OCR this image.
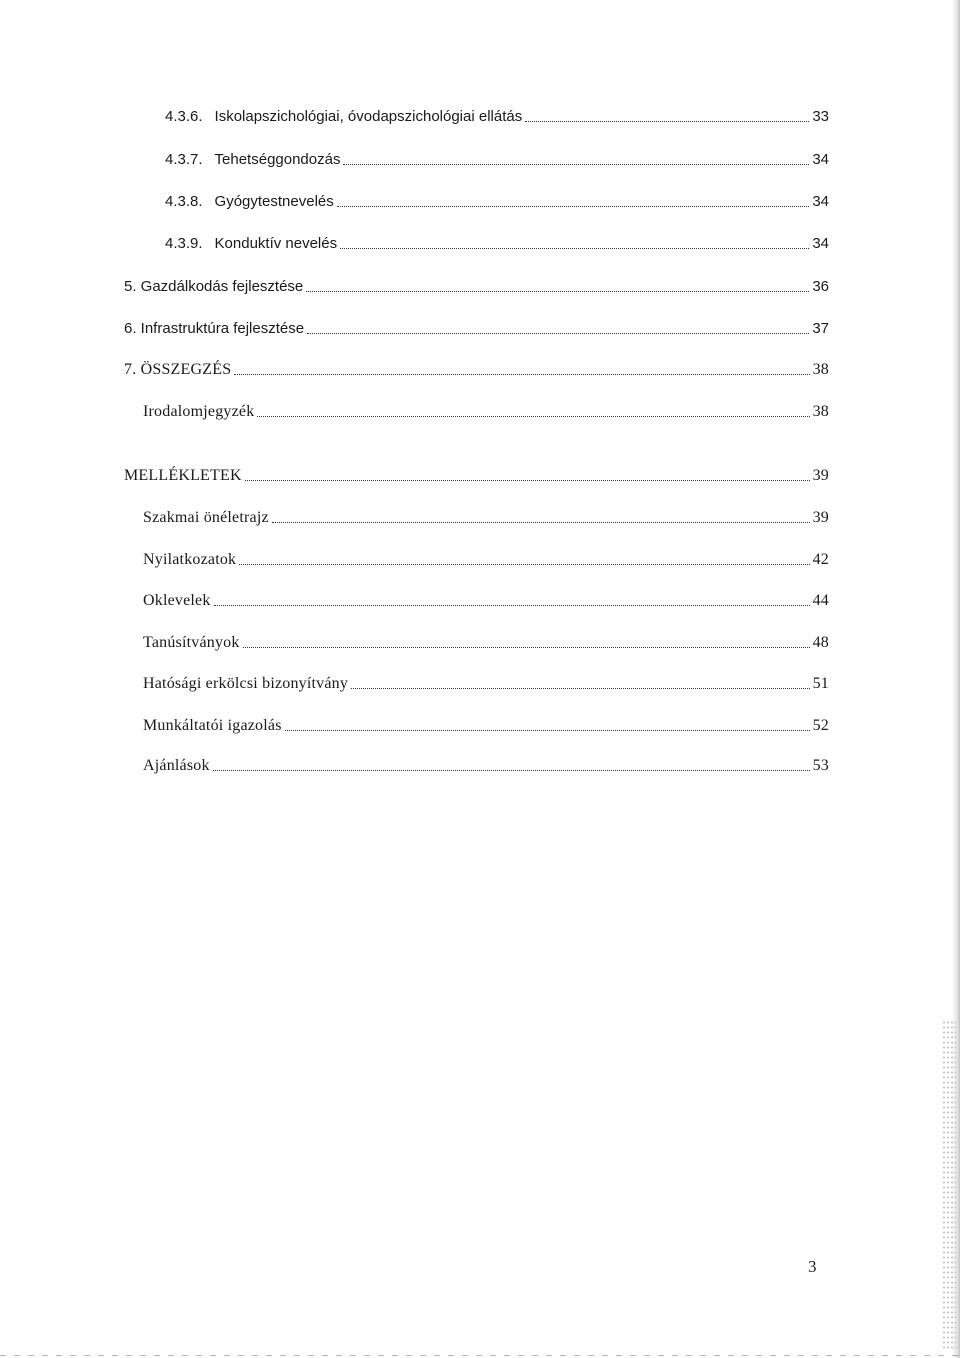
4.3.6. Iskolapszichológiai, óvodapszichológiai ellátás	33
4.3.7. Tehetséggondozás	34
4.3.8. Gyógytestnevelés	34
4.3.9. Konduktív nevelés	34
5. Gazdálkodás fejlesztése	36
6. Infrastruktúra fejlesztése	37
7. ÖSSZEGZÉS	38
Irodalomjegyzék	38
MELLÉKLETEK	39
Szakmai önéletrajz	39
Nyilatkozatok	42
Oklevelek	44
Tanúsítványok	48
Hatósági erkölcsi bizonyítvány	51
Munkáltatói igazolás	52
Ajánlások	53
3
